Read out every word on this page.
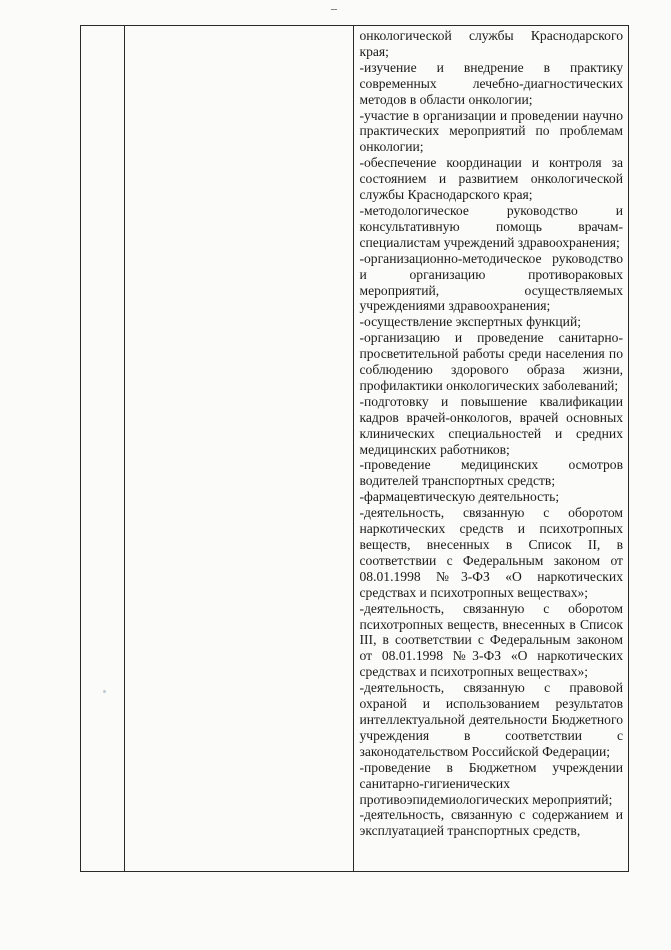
–

онкологической службы Краснодарского края;

-изучение и внедрение в практику современных лечебно-диагностических методов в области онкологии;

-участие в организации и проведении научно практических мероприятий по проблемам онкологии;

-обеспечение координации и контроля за состоянием и развитием онкологической службы Краснодарского края;

-методологическое руководство и консультативную помощь врачам-специалистам учреждений здравоохранения;

-организационно-методическое руководство и организацию противораковых мероприятий, осуществляемых учреждениями здравоохранения;

-осуществление экспертных функций;

-организацию и проведение санитарно-просветительной работы среди населения по соблюдению здорового образа жизни, профилактики онкологических заболеваний;

-подготовку и повышение квалификации кадров врачей-онкологов, врачей основных клинических специальностей и средних медицинских работников;

-проведение медицинских осмотров водителей транспортных средств;

-фармацевтическую деятельность;

-деятельность, связанную с оборотом наркотических средств и психотропных веществ, внесенных в Список II, в соответствии с Федеральным законом от 08.01.1998 №3-ФЗ «О наркотических средствах и психотропных веществах»;

-деятельность, связанную с оборотом психотропных веществ, внесенных в Список III, в соответствии с Федеральным законом от 08.01.1998 №3-ФЗ «О наркотических средствах и психотропных веществах»;

-деятельность, связанную с правовой охраной и использованием результатов интеллектуальной деятельности Бюджетного учреждения в соответствии с законодательством Российской Федерации;

-проведение в Бюджетном учреждении санитарно-гигиенических противоэпидемиологических мероприятий;

-деятельность, связанную с содержанием и эксплуатацией транспортных средств,
